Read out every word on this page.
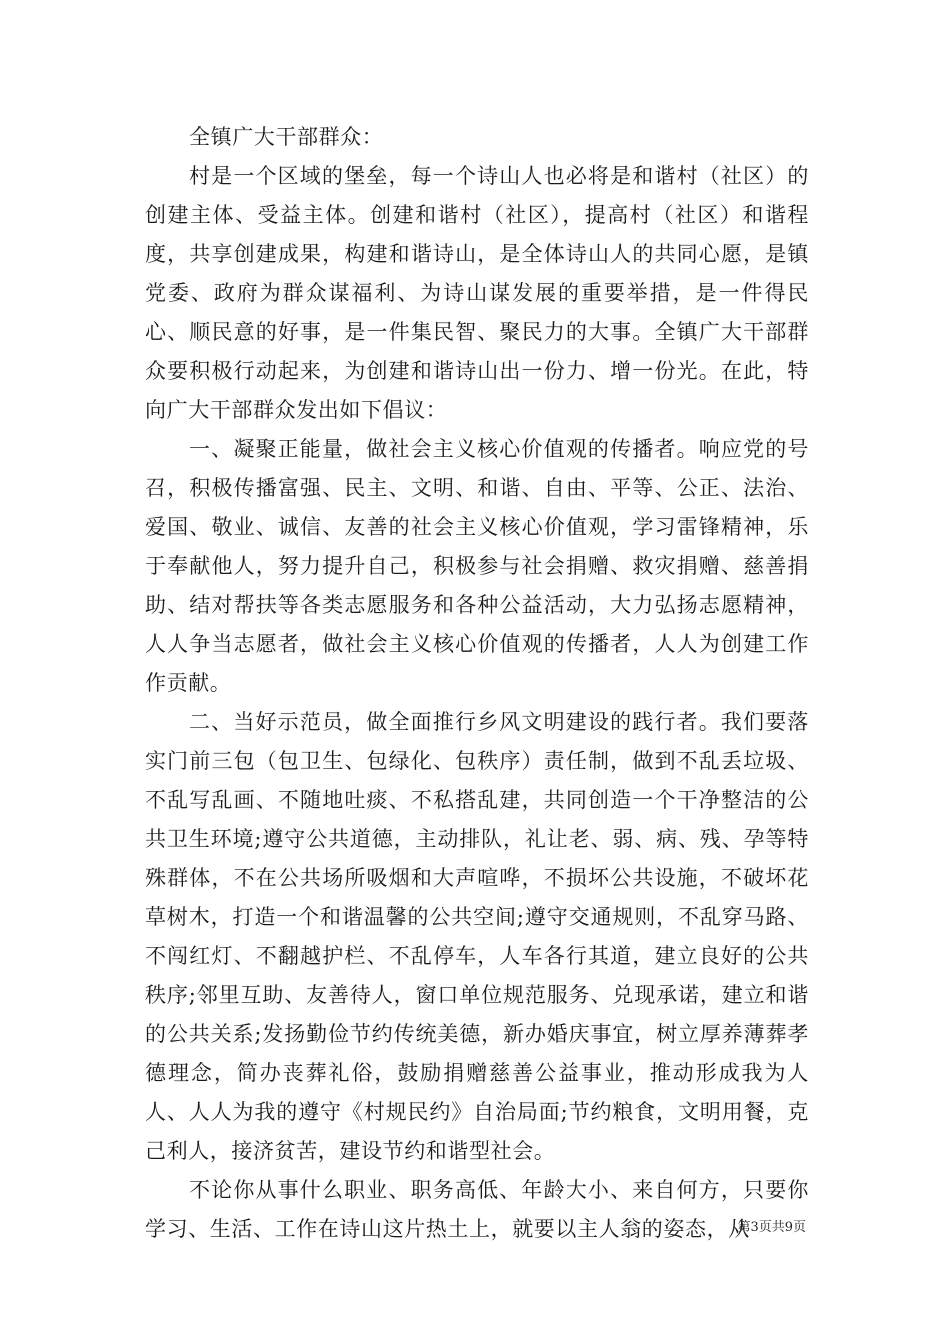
全镇广大干部群众：

村是一个区域的堡垒，每一个诗山人也必将是和谐村（社区）的创建主体、受益主体。创建和谐村（社区），提高村（社区）和谐程度，共享创建成果，构建和谐诗山，是全体诗山人的共同心愿，是镇党委、政府为群众谋福利、为诗山谋发展的重要举措，是一件得民心、顺民意的好事，是一件集民智、聚民力的大事。全镇广大干部群众要积极行动起来，为创建和谐诗山出一份力、增一份光。在此，特向广大干部群众发出如下倡议：

一、凝聚正能量，做社会主义核心价值观的传播者。响应党的号召，积极传播富强、民主、文明、和谐、自由、平等、公正、法治、爱国、敬业、诚信、友善的社会主义核心价值观，学习雷锋精神，乐于奉献他人，努力提升自己，积极参与社会捐赠、救灾捐赠、慈善捐助、结对帮扶等各类志愿服务和各种公益活动，大力弘扬志愿精神，人人争当志愿者，做社会主义核心价值观的传播者，人人为创建工作作贡献。

二、当好示范员，做全面推行乡风文明建设的践行者。我们要落实门前三包（包卫生、包绿化、包秩序）责任制，做到不乱丢垃圾、不乱写乱画、不随地吐痰、不私搭乱建，共同创造一个干净整洁的公共卫生环境;遵守公共道德，主动排队，礼让老、弱、病、残、孕等特殊群体，不在公共场所吸烟和大声喧哗，不损坏公共设施，不破坏花草树木，打造一个和谐温馨的公共空间;遵守交通规则，不乱穿马路、不闯红灯、不翻越护栏、不乱停车，人车各行其道，建立良好的公共秩序;邻里互助、友善待人，窗口单位规范服务、兑现承诺，建立和谐的公共关系;发扬勤俭节约传统美德，新办婚庆事宜，树立厚养薄葬孝德理念，简办丧葬礼俗，鼓励捐赠慈善公益事业，推动形成我为人人、人人为我的遵守《村规民约》自治局面;节约粮食，文明用餐，克己利人，接济贫苦，建设节约和谐型社会。

不论你从事什么职业、职务高低、年龄大小、来自何方，只要你学习、生活、工作在诗山这片热土上，就要以主人翁的姿态，从

第3页共9页
